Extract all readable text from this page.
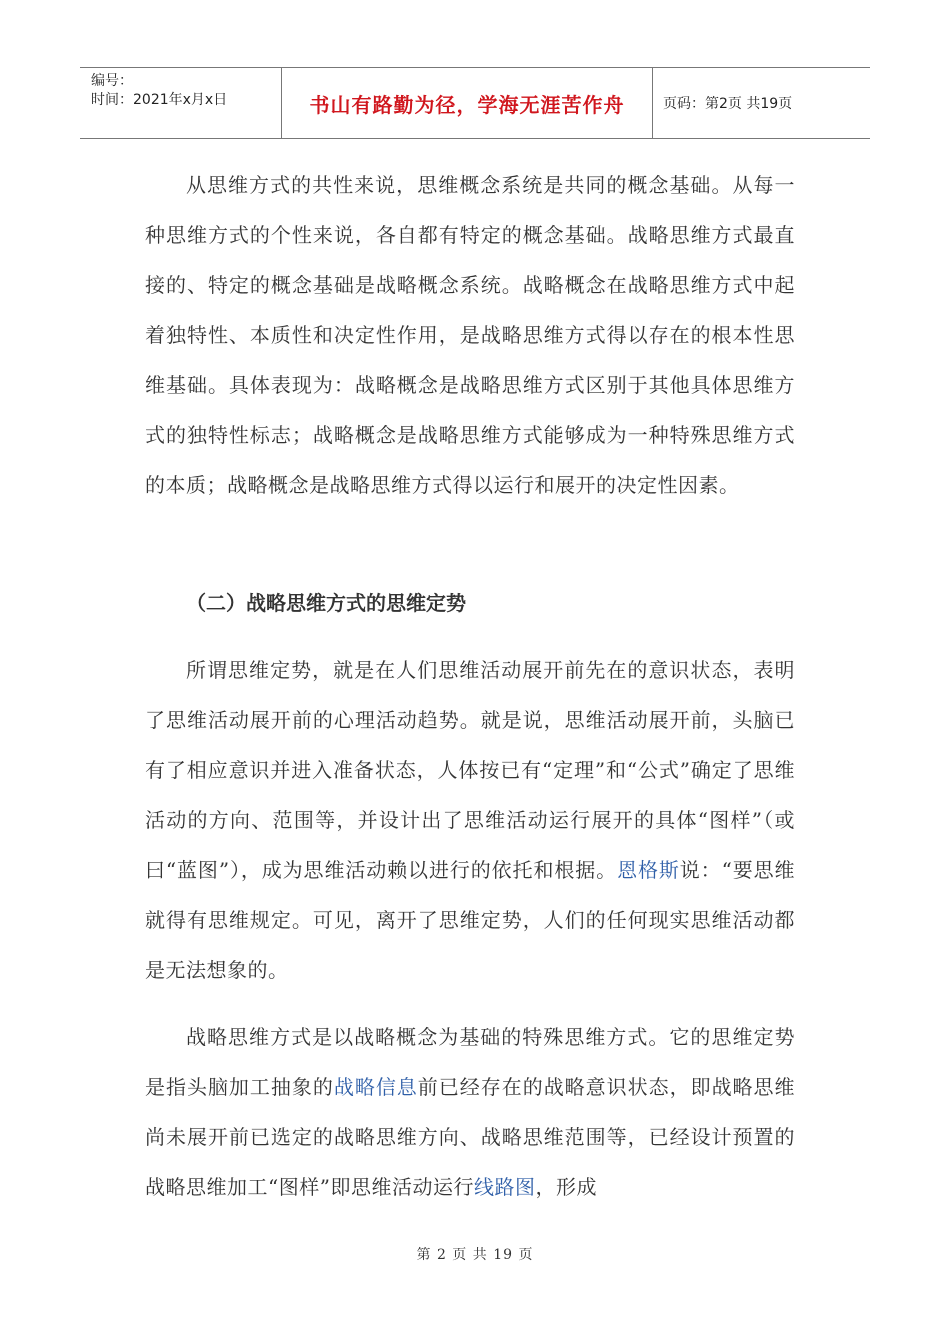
编号：
时间：2021年x月x日	书山有路勤为径，学海无涯苦作舟	页码：第2页 共19页

从思维方式的共性来说，思维概念系统是共同的概念基础。从每一种思维方式的个性来说，各自都有特定的概念基础。战略思维方式最直接的、特定的概念基础是战略概念系统。战略概念在战略思维方式中起着独特性、本质性和决定性作用，是战略思维方式得以存在的根本性思维基础。具体表现为：战略概念是战略思维方式区别于其他具体思维方式的独特性标志；战略概念是战略思维方式能够成为一种特殊思维方式的本质；战略概念是战略思维方式得以运行和展开的决定性因素。

（二）战略思维方式的思维定势

所谓思维定势，就是在人们思维活动展开前先在的意识状态，表明了思维活动展开前的心理活动趋势。就是说，思维活动展开前，头脑已有了相应意识并进入准备状态，人体按已有“定理”和“公式”确定了思维活动的方向、范围等，并设计出了思维活动运行展开的具体“图样”（或曰“蓝图”），成为思维活动赖以进行的依托和根据。恩格斯说：“要思维就得有思维规定。可见，离开了思维定势，人们的任何现实思维活动都是无法想象的。

战略思维方式是以战略概念为基础的特殊思维方式。它的思维定势是指头脑加工抽象的战略信息前已经存在的战略意识状态，即战略思维尚未展开前已选定的战略思维方向、战略思维范围等，已经设计预置的战略思维加工“图样”即思维活动运行线路图，形成

第 2 页 共 19 页
